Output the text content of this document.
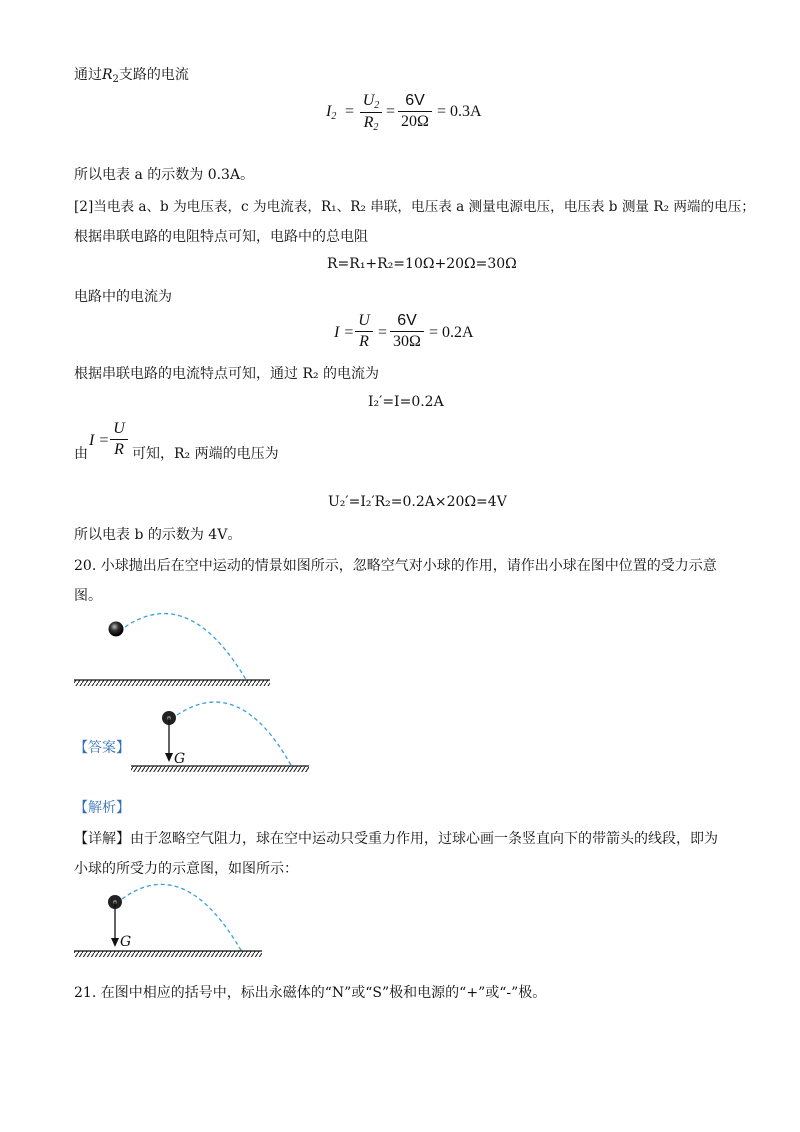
通过$R_2$支路的电流
$I_2$ =
$U_2$
$R_2$
=
6V
20Ω
= 0.3A
所以电表 a 的示数为 0.3A。
[2]当电表 a、b 为电压表，c 为电流表，R₁、R₂ 串联，电压表 a 测量电源电压，电压表 b 测量 R₂ 两端的电压；
根据串联电路的电阻特点可知，电路中的总电阻
R=R₁+R₂=10Ω+20Ω=30Ω
电路中的电流为
I =
U
R
=
6V
30Ω
= 0.2A
根据串联电路的电流特点可知，通过 R₂ 的电流为
I₂′=I=0.2A
由
I =
U
R 可知，R₂ 两端的电压为
U₂′=I₂′R₂=0.2A×20Ω=4V
所以电表 b 的示数为 4V。
20. 小球抛出后在空中运动的情景如图所示，忽略空气对小球的作用，请作出小球在图中位置的受力示意
图。
【答案】
G
【解析】
【详解】由于忽略空气阻力，球在空中运动只受重力作用，过球心画一条竖直向下的带箭头的线段，即为
小球的所受力的示意图，如图所示：
G
21. 在图中相应的括号中，标出永磁体的“N”或“S”极和电源的“+”或“-”极。
